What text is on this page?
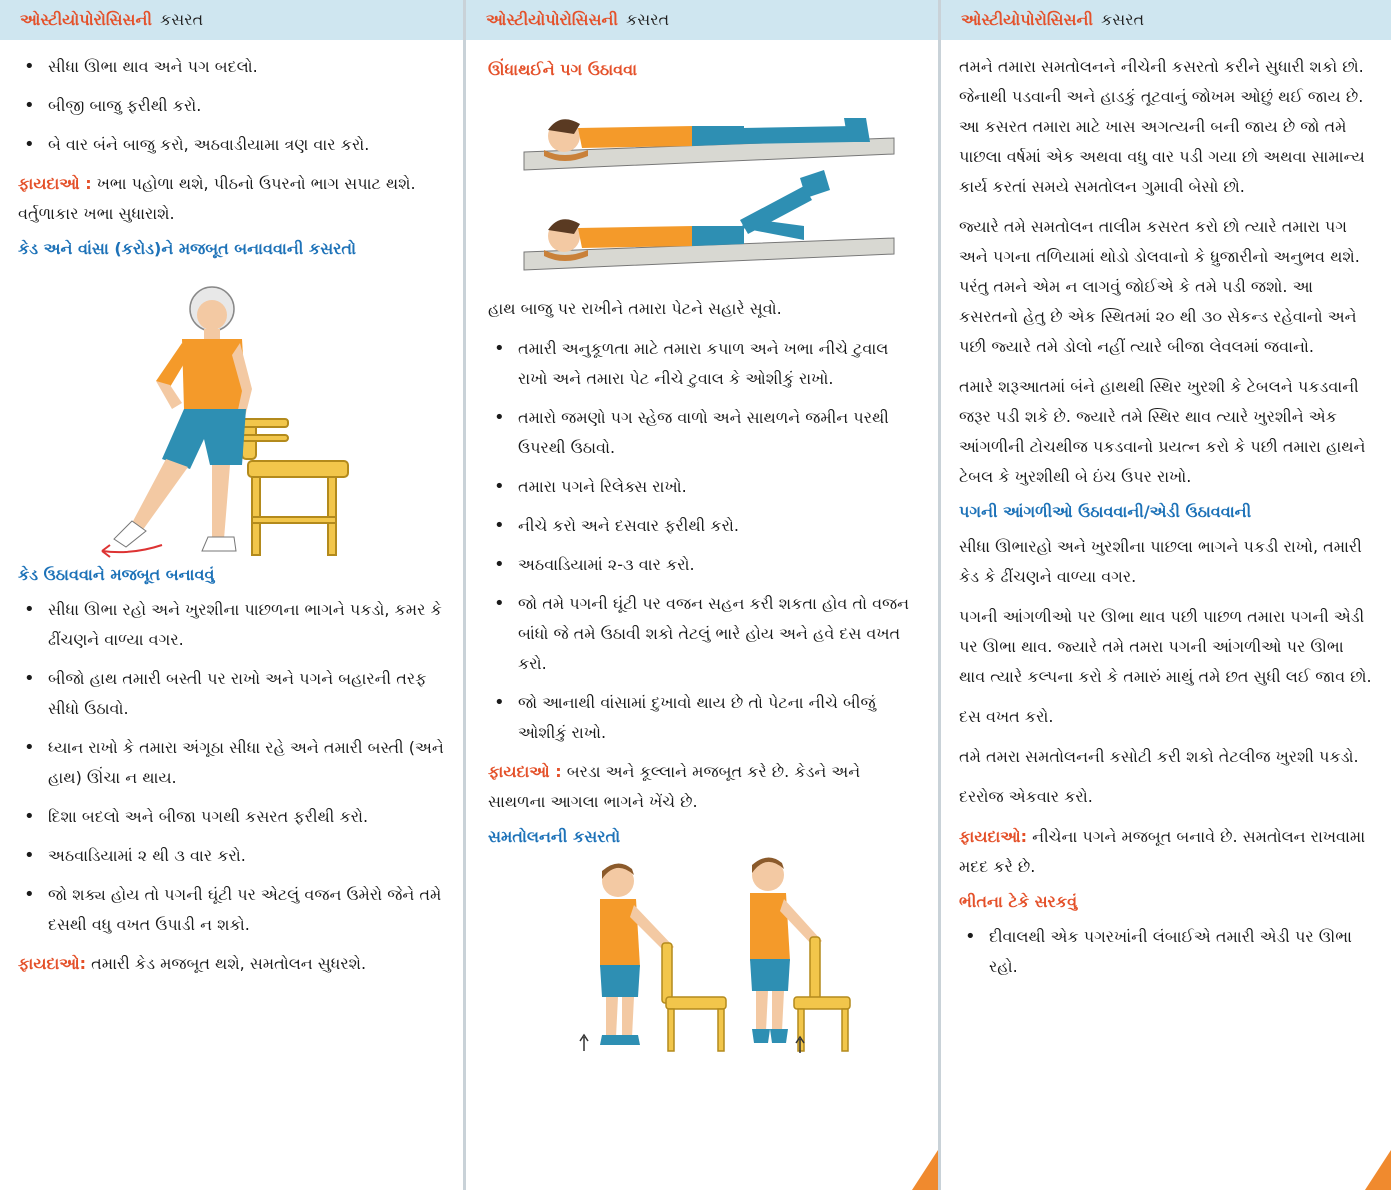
ઓસ્ટીયોપોરોસિસની કસરત
• સીધા ઊભા થાવ અને પગ બદલો.
• બીજી બાજુ ફરીથી કરો.
• બે વાર બંને બાજુ કરો, અઠવાડીયામા ત્રણ વાર કરો.

ફાયદાઓ : ખભા પહોળા થશે, પીઠનો ઉપરનો ભાગ સપાટ થશે. વર્તુળાકાર ખભા સુધારાશે.

કેડ અને વાંસા (કરોડ)ને મજબૂત બનાવવાની કસરતો
કેડ ઉઠાવવાને મજબૂત બનાવવું
• સીધા ઊભા રહો અને ખુરશીના પાછળના ભાગને પકડો, કમર કે ઢીંચણને વાળ્યા વગર.
• બીજો હાથ તમારી બસ્તી પર રાખો અને પગને બહારની તરફ સીધો ઉઠાવો.
• ધ્યાન રાખો કે તમારા અંગૂઠા સીધા રહે અને તમારી બસ્તી (અને હાથ) ઊંચા ન થાય.
• દિશા બદલો અને બીજા પગથી કસરત ફરીથી કરો.
• અઠવાડિયામાં ૨ થી ૩ વાર કરો.
• જો શક્ય હોય તો પગની ઘૂંટી પર એટલું વજન ઉમેરો જેને તમે દસથી વધુ વખત ઉપાડી ન શકો.

ફાયદાઓ: તમારી કેડ મજબૂત થશે, સમતોલન સુધરશે.

ઓસ્ટીયોપોરોસિસની કસરત
ઊંધાથઈને પગ ઉઠાવવા

હાથ બાજુ પર રાખીને તમારા પેટને સહારે સૂવો.

• તમારી અનુકૂળતા માટે તમારા કપાળ અને ખભા નીચે ટુવાલ રાખો અને તમારા પેટ નીચે ટુવાલ કે ઓશીકું રાખો.
• તમારો જમણો પગ સ્હેજ વાળો અને સાથળને જમીન પરથી ઉપરથી ઉઠાવો.
• તમારા પગને રિલેક્સ રાખો.
• નીચે કરો અને દસવાર ફરીથી કરો.
• અઠવાડિયામાં ૨-૩ વાર કરો.
• જો તમે પગની ઘૂંટી પર વજન સહન કરી શકતા હોવ તો વજન બાંધો જે તમે ઉઠાવી શકો તેટલું ભારે હોય અને હવે દસ વખત કરો.
• જો આનાથી વાંસામાં દુખાવો થાય છે તો પેટના નીચે બીજું ઓશીકું રાખો.

ફાયદાઓ : બરડા અને કૂલ્લાને મજબૂત કરે છે. કેડને અને સાથળના આગલા ભાગને ખેંચે છે.

સમતોલનની કસરતો
ઓસ્ટીયોપોરોસિસની કસરત

તમને તમારા સમતોલનને નીચેની કસરતો કરીને સુધારી શકો છો. જેનાથી પડવાની અને હાડકું તૂટવાનું જોખમ ઓછું થઈ જાય છે. આ કસરત તમારા માટે ખાસ અગત્યની બની જાય છે જો તમે પાછલા વર્ષમાં એક અથવા વધુ વાર પડી ગયા છો અથવા સામાન્ય કાર્ય કરતાં સમયે સમતોલન ગુમાવી બેસો છો.

જ્યારે તમે સમતોલન તાલીમ કસરત કરો છો ત્યારે તમારા પગ અને પગના તળિયામાં થોડો ડોલવાનો કે ધ્રુજારીનો અનુભવ થશે. પરંતુ તમને એમ ન લાગવું જોઈએ કે તમે પડી જશો. આ કસરતનો હેતુ છે એક સ્થિતમાં ૨૦ થી ૩૦ સેકન્ડ રહેવાનો અને પછી જ્યારે તમે ડોલો નહીં ત્યારે બીજા લેવલમાં જવાનો.

તમારે શરૂઆતમાં બંને હાથથી સ્થિર ખુરશી કે ટેબલને પકડવાની જરૂર પડી શકે છે. જ્યારે તમે સ્થિર થાવ ત્યારે ખુરશીને એક આંગળીની ટોચથીજ પકડવાનો પ્રયત્ન કરો કે પછી તમારા હાથને ટેબલ કે ખુરશીથી બે ઇંચ ઉપર રાખો.

પગની આંગળીઓ ઉઠાવવાની/એડી ઉઠાવવાની

સીધા ઊભારહો અને ખુરશીના પાછલા ભાગને પકડી રાખો, તમારી કેડ કે ઢીંચણને વાળ્યા વગર.

પગની આંગળીઓ પર ઊભા થાવ પછી પાછળ તમારા પગની એડી પર ઊભા થાવ. જ્યારે તમે તમરા પગની આંગળીઓ પર ઊભા થાવ ત્યારે કલ્પના કરો કે તમારું માથું તમે છત સુધી લઈ જાવ છો.

દસ વખત કરો.

તમે તમરા સમતોલનની કસોટી કરી શકો તેટલીજ ખુરશી પકડો.

દરરોજ એકવાર કરો.

ફાયદાઓ: નીચેના પગને મજબૂત બનાવે છે. સમતોલન રાખવામા મદદ કરે છે.

ભીતના ટેકે સરકવું
• દીવાલથી એક પગરખાંની લંબાઈએ તમારી એડી પર ઊભા રહો.
